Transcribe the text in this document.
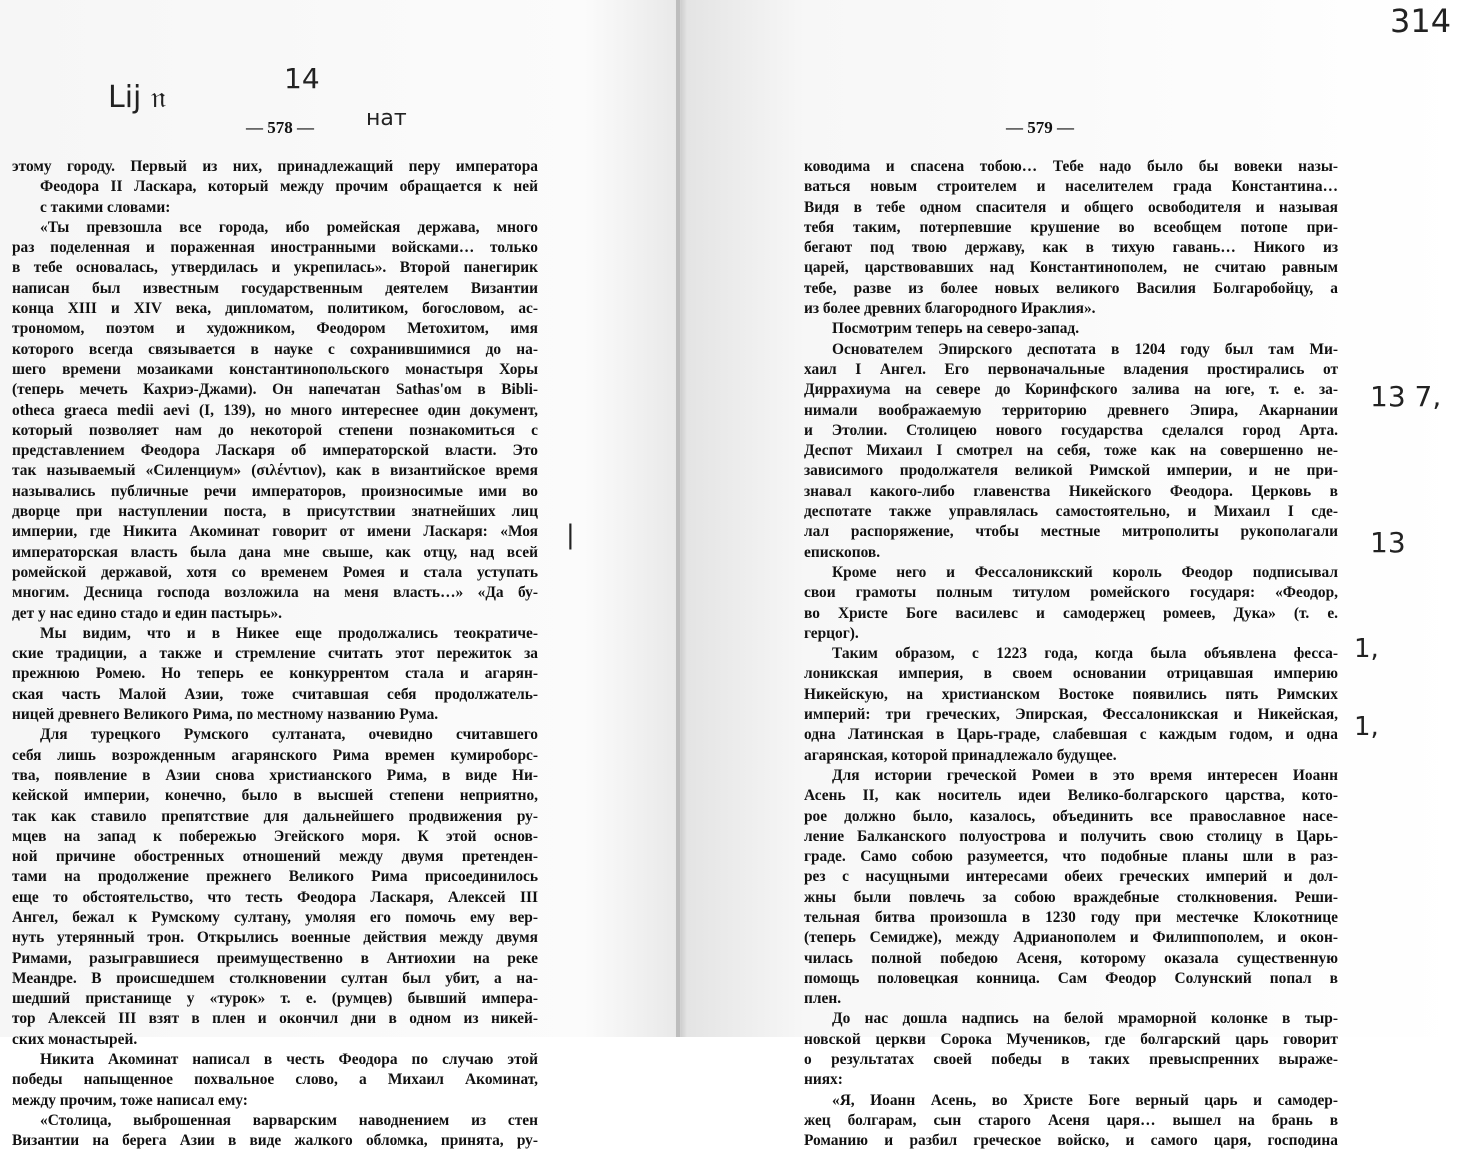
Lij 𝔫
14
нат
|
— 578 —
этому городу. Первый из них, принадлежащий перу императора
Феодора II Ласкара, который между прочим обращается к ней
с такими словами:
«Ты превзошла все города, ибо ромейская держава, много
раз поделенная и пораженная иностранными войсками… только
в тебе основалась, утвердилась и укрепилась». Второй панегирик
написан был известным государственным деятелем Византии
конца XIII и XIV века, дипломатом, политиком, богословом, ас-
трономом, поэтом и художником, Феодором Метохитом, имя
которого всегда связывается в науке с сохранившимися до на-
шего времени мозаиками константинопольского монастыря Хоры
(теперь мечеть Кахриэ-Джами). Он напечатан Sathas'ом в Bibli-
otheca graeca medii aevi (I, 139), но много интереснее один документ,
который позволяет нам до некоторой степени познакомиться с
представлением Феодора Ласкаря об императорской власти. Это
так называемый «Силенциум» (σιλέντιον), как в византийское время
назывались публичные речи императоров, произносимые ими во
дворце при наступлении поста, в присутствии знатнейших лиц
империи, где Никита Акоминат говорит от имени Ласкаря: «Моя
императорская власть была дана мне свыше, как отцу, над всей
ромейской державой, хотя со временем Ромея и стала уступать
многим. Десница господа возложила на меня власть…» «Да бу-
дет у нас едино стадо и един пастырь».
Мы видим, что и в Никее еще продолжались теократиче-
ские традиции, а также и стремление считать этот пережиток за
прежнюю Ромею. Но теперь ее конкуррентом стала и агарян-
ская часть Малой Азии, тоже считавшая себя продолжатель-
ницей древнего Великого Рима, по местному названию Рума.
Для турецкого Румского султаната, очевидно считавшего
себя лишь возрожденным агарянского Рима времен кумироборс-
тва, появление в Азии снова христианского Рима, в виде Ни-
кейской империи, конечно, было в высшей степени неприятно,
так как ставило препятствие для дальнейшего продвижения ру-
мцев на запад к побережью Эгейского моря. К этой основ-
ной причине обостренных отношений между двумя претенден-
тами на продолжение прежнего Великого Рима присоединилось
еще то обстоятельство, что тесть Феодора Ласкаря, Алексей III
Ангел, бежал к Румскому султану, умоляя его помочь ему вер-
нуть утерянный трон. Открылись военные действия между двумя
Римами, разыгравшиеся преимущественно в Антиохии на реке
Меандре. В происшедшем столкновении султан был убит, а на-
шедший пристанище у «турок» т. е. (румцев) бывший импера-
тор Алексей III взят в плен и окончил дни в одном из никей-
ских монастырей.
Никита Акоминат написал в честь Феодора по случаю этой
победы напыщенное похвальное слово, а Михаил Акоминат,
между прочим, тоже написал ему:
«Столица, выброшенная варварским наводнением из стен
Византии на берега Азии в виде жалкого обломка, принята, ру-
314
13 7,
13
1,
1,
— 579 —
ководима и спасена тобою… Тебе надо было бы вовеки назы-
ваться новым строителем и населителем града Константина…
Видя в тебе одном спасителя и общего освободителя и называя
тебя таким, потерпевшие крушение во всеобщем потопе при-
бегают под твою державу, как в тихую гавань… Никого из
царей, царствовавших над Константинополем, не считаю равным
тебе, разве из более новых великого Василия Болгаробойцу, а
из более древних благородного Ираклия».
Посмотрим теперь на северо-запад.
Основателем Эпирского деспотата в 1204 году был там Ми-
хаил I Ангел. Его первоначальные владения простирались от
Диррахиума на севере до Коринфского залива на юге, т. е. за-
нимали воображаемую территорию древнего Эпира, Акарнании
и Этолии. Столицею нового государства сделался город Арта.
Деспот Михаил I смотрел на себя, тоже как на совершенно не-
зависимого продолжателя великой Римской империи, и не при-
знавал какого-либо главенства Никейского Феодора. Церковь в
деспотате также управлялась самостоятельно, и Михаил I сде-
лал распоряжение, чтобы местные митрополиты рукополагали
епископов.
Кроме него и Фессалоникский король Феодор подписывал
свои грамоты полным титулом ромейского государя: «Феодор,
во Христе Боге василевс и самодержец ромеев, Дука» (т. е.
герцог).
Таким образом, с 1223 года, когда была объявлена фесса-
лоникская империя, в своем основании отрицавшая империю
Никейскую, на христианском Востоке появились пять Римских
империй: три греческих, Эпирская, Фессалоникская и Никейская,
одна Латинская в Царь-граде, слабевшая с каждым годом, и одна
агарянская, которой принадлежало будущее.
Для истории греческой Ромеи в это время интересен Иоанн
Асень II, как носитель идеи Велико-болгарского царства, кото-
рое должно было, казалось, объединить все православное насе-
ление Балканского полуострова и получить свою столицу в Царь-
граде. Само собою разумеется, что подобные планы шли в раз-
рез с насущными интересами обеих греческих империй и дол-
жны были повлечь за собою враждебные столкновения. Реши-
тельная битва произошла в 1230 году при местечке Клокотнице
(теперь Семидже), между Адрианополем и Филиппополем, и окон-
чилась полной победою Асеня, которому оказала существенную
помощь половецкая конница. Сам Феодор Солунский попал в
плен.
До нас дошла надпись на белой мраморной колонке в тыр-
новской церкви Сорока Мучеников, где болгарский царь говорит
о результатах своей победы в таких превыспренних выраже-
ниях:
«Я, Иоанн Асень, во Христе Боге верный царь и самодер-
жец болгарам, сын старого Асеня царя… вышел на брань в
Романию и разбил греческое войско, и самого царя, господина
